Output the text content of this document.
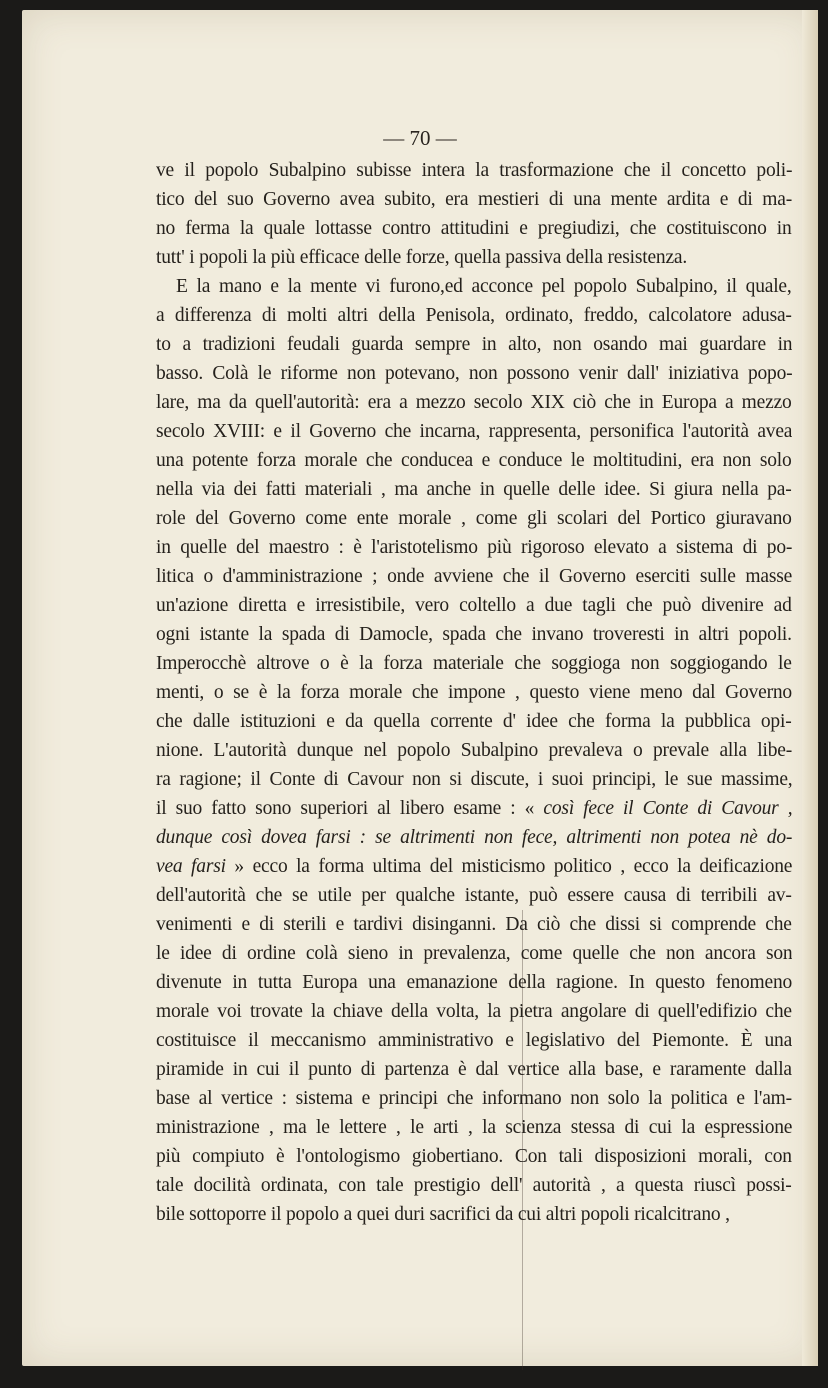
— 70 —
ve il popolo Subalpino subisse intera la trasformazione che il concetto poli-
tico del suo Governo avea subito, era mestieri di una mente ardita e di ma-
no ferma la quale lottasse contro attitudini e pregiudizi, che costituiscono in
tutt' i popoli la più efficace delle forze, quella passiva della resistenza.
E la mano e la mente vi furono,ed acconce pel popolo Subalpino, il quale,
a differenza di molti altri della Penisola, ordinato, freddo, calcolatore adusa-
to a tradizioni feudali guarda sempre in alto, non osando mai guardare in
basso. Colà le riforme non potevano, non possono venir dall' iniziativa popo-
lare, ma da quell'autorità: era a mezzo secolo XIX ciò che in Europa a mezzo
secolo XVIII: e il Governo che incarna, rappresenta, personifica l'autorità avea
una potente forza morale che conducea e conduce le moltitudini, era non solo
nella via dei fatti materiali , ma anche in quelle delle idee. Si giura nella pa-
role del Governo come ente morale , come gli scolari del Portico giuravano
in quelle del maestro : è l'aristotelismo più rigoroso elevato a sistema di po-
litica o d'amministrazione ; onde avviene che il Governo eserciti sulle masse
un'azione diretta e irresistibile, vero coltello a due tagli che può divenire ad
ogni istante la spada di Damocle, spada che invano troveresti in altri popoli.
Imperocchè altrove o è la forza materiale che soggioga non soggiogando le
menti, o se è la forza morale che impone , questo viene meno dal Governo
che dalle istituzioni e da quella corrente d' idee che forma la pubblica opi-
nione. L'autorità dunque nel popolo Subalpino prevaleva o prevale alla libe-
ra ragione; il Conte di Cavour non si discute, i suoi principi, le sue massime,
il suo fatto sono superiori al libero esame : « così fece il Conte di Cavour ,
dunque così dovea farsi : se altrimenti non fece, altrimenti non potea nè do-
vea farsi » ecco la forma ultima del misticismo politico , ecco la deificazione
dell'autorità che se utile per qualche istante, può essere causa di terribili av-
venimenti e di sterili e tardivi disinganni. Da ciò che dissi si comprende che
le idee di ordine colà sieno in prevalenza, come quelle che non ancora son
divenute in tutta Europa una emanazione della ragione. In questo fenomeno
morale voi trovate la chiave della volta, la pietra angolare di quell'edifizio che
costituisce il meccanismo amministrativo e legislativo del Piemonte. È una
piramide in cui il punto di partenza è dal vertice alla base, e raramente dalla
base al vertice : sistema e principi che informano non solo la politica e l'am-
ministrazione , ma le lettere , le arti , la scienza stessa di cui la espressione
più compiuto è l'ontologismo giobertiano. Con tali disposizioni morali, con
tale docilità ordinata, con tale prestigio dell' autorità , a questa riuscì possi-
bile sottoporre il popolo a quei duri sacrifici da cui altri popoli ricalcitrano ,
